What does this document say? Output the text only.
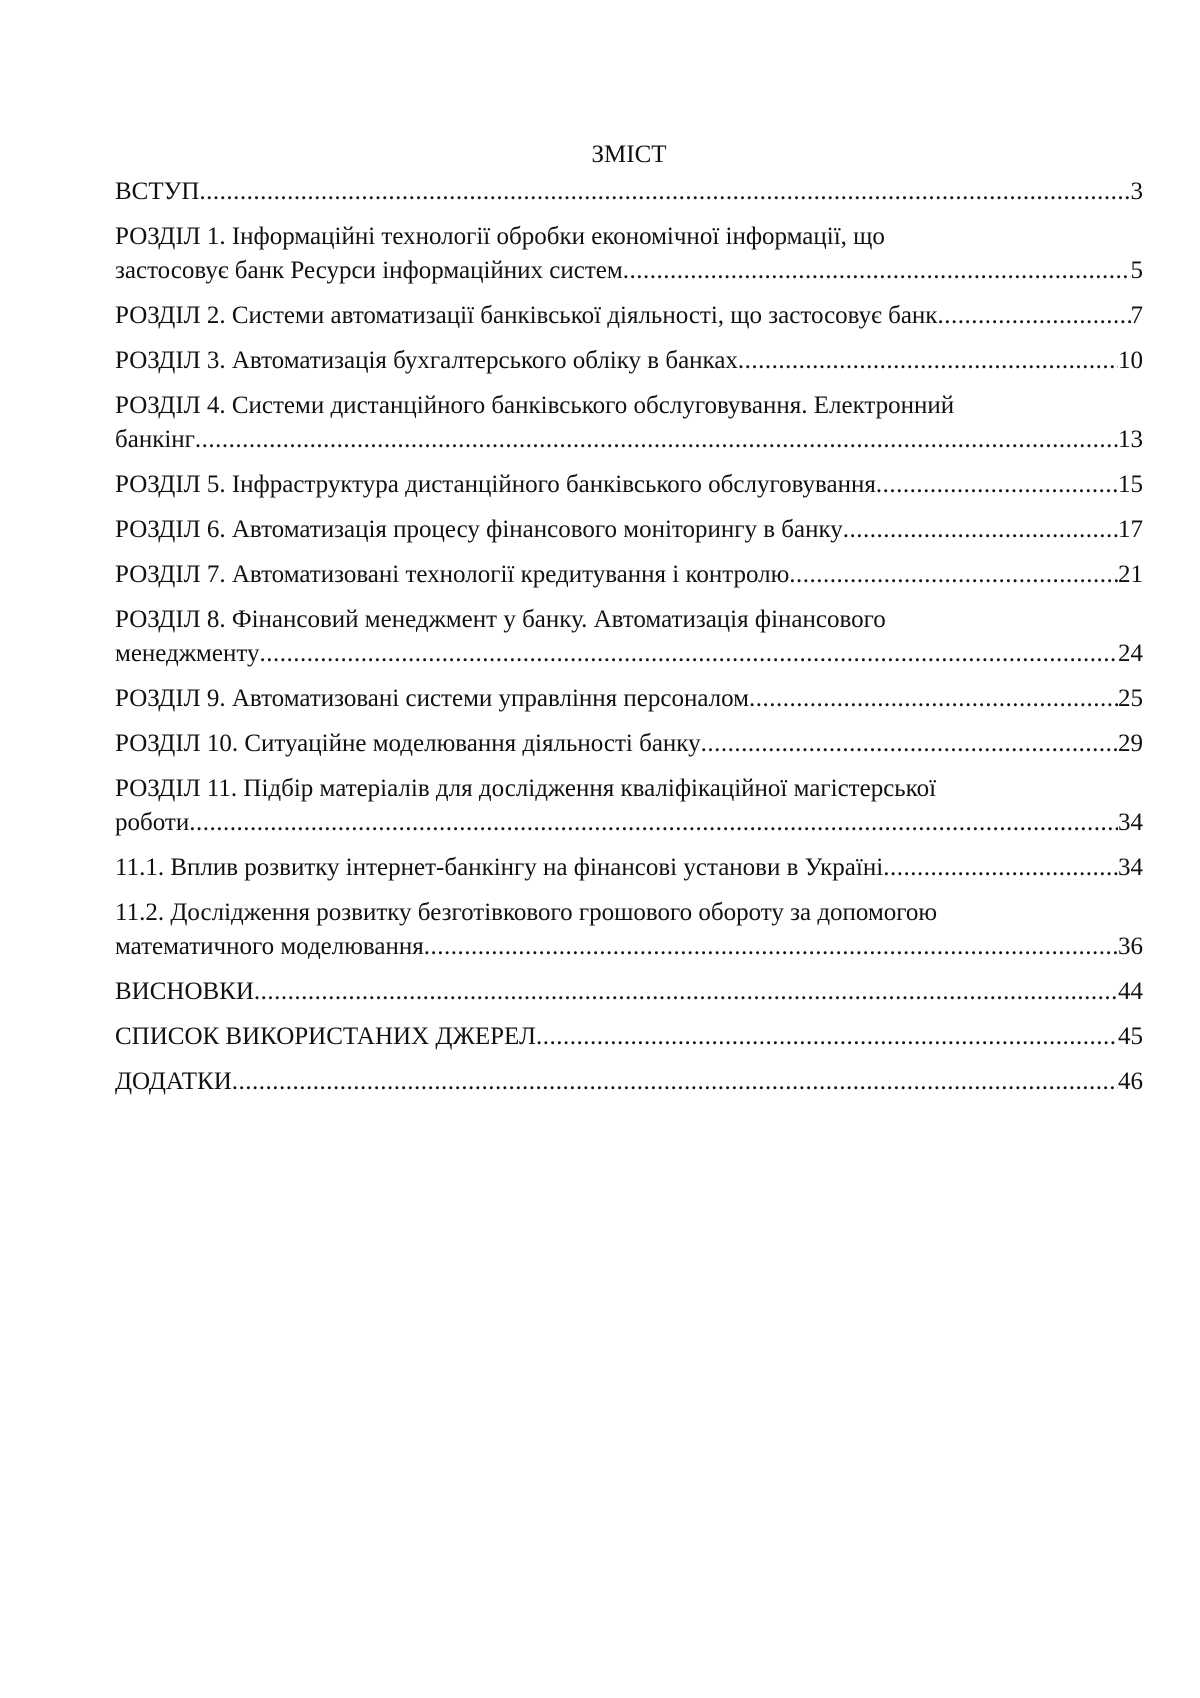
ЗМІСТ
ВСТУП .....	3
РОЗДІЛ 1. Інформаційні технології обробки економічної інформації, що
застосовує банк Ресурси інформаційних систем .....	5
РОЗДІЛ 2. Системи автоматизації банківської діяльності, що застосовує банк .....	7
РОЗДІЛ 3. Автоматизація бухгалтерського обліку в банках .....	10
РОЗДІЛ 4. Системи дистанційного банківського обслуговування. Електронний
банкінг .....	13
РОЗДІЛ 5. Інфраструктура дистанційного банківського обслуговування .....	15
РОЗДІЛ 6. Автоматизація процесу фінансового моніторингу в банку .....	17
РОЗДІЛ 7. Автоматизовані технології кредитування і контролю .....	21
РОЗДІЛ 8. Фінансовий менеджмент у банку. Автоматизація фінансового
менеджменту .....	24
РОЗДІЛ 9. Автоматизовані системи управління персоналом .....	25
РОЗДІЛ 10. Ситуаційне моделювання діяльності банку .....	29
РОЗДІЛ 11. Підбір матеріалів для дослідження кваліфікаційної магістерської
роботи .....	34
11.1. Вплив розвитку інтернет-банкінгу на фінансові установи в Україні .....	34
11.2. Дослідження розвитку безготівкового грошового обороту за допомогою
математичного моделювання .....	36
ВИСНОВКИ .....	44
СПИСОК ВИКОРИСТАНИХ ДЖЕРЕЛ .....	45
ДОДАТКИ .....	46
